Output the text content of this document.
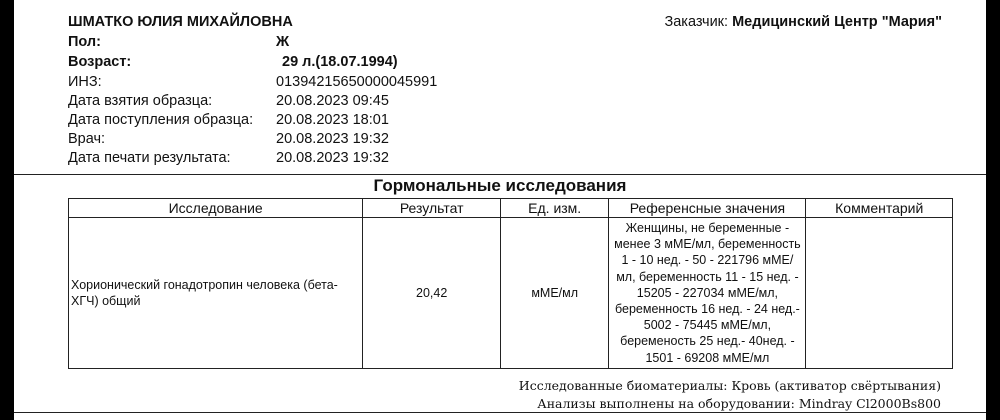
ШМАТКО ЮЛИЯ МИХАЙЛОВНА	Заказчик: Медицинский Центр "Мария"
Пол:	Ж
Возраст:	29 л.(18.07.1994)
ИНЗ:	01394215650000045991
Дата взятия образца:	20.08.2023 09:45
Дата поступления образца: 20.08.2023 18:01
Врач:	20.08.2023 19:32
Дата печати результата:	20.08.2023 19:32
Гормональные исследования
Исследование	Результат	Ед. изм.	Референсные значения	Комментарий
Хорионический гонадотропин человека (бета-ХГЧ) общий	20,42	мМЕ/мл	Женщины, не беременные - менее 3 мМЕ/мл, беременность 1 - 10 нед. - 50 - 221796 мМЕ/мл, беременность 11 - 15 нед. - 15205 - 227034 мМЕ/мл, беременность 16 нед. - 24 нед.- 5002 - 75445 мМЕ/мл, беременость 25 нед.- 40нед. - 1501 - 69208 мМЕ/мл	
Исследованные биоматериалы: Кровь (активатор свёртывания)
Анализы выполнены на оборудовании: Mindray Cl2000Bs800
